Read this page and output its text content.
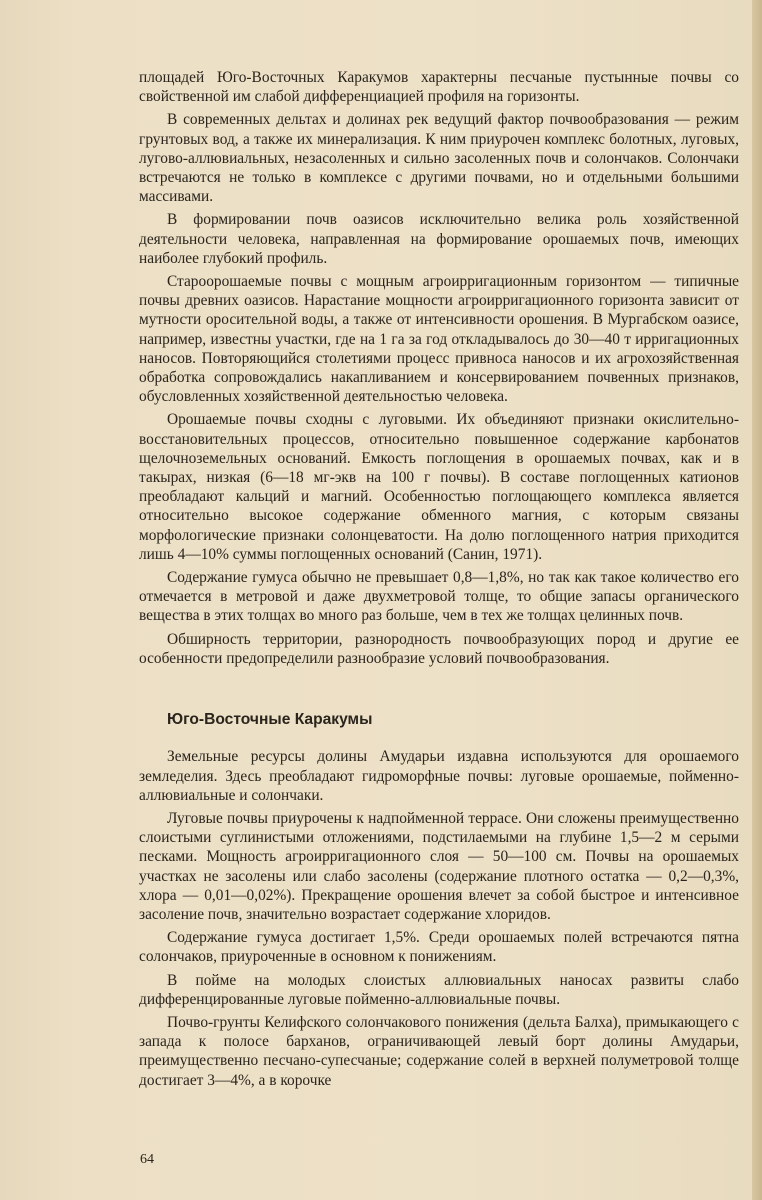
площадей Юго-Восточных Каракумов характерны песчаные пустынные почвы со свойственной им слабой дифференциацией профиля на горизонты.

В современных дельтах и долинах рек ведущий фактор почвообразования — режим грунтовых вод, а также их минерализация. К ним приурочен комплекс болотных, луговых, лугово-аллювиальных, незасоленных и сильно засоленных почв и солончаков. Солончаки встречаются не только в комплексе с другими почвами, но и отдельными большими массивами.

В формировании почв оазисов исключительно велика роль хозяйственной деятельности человека, направленная на формирование орошаемых почв, имеющих наиболее глубокий профиль.

Староорошаемые почвы с мощным агроирригационным горизонтом — типичные почвы древних оазисов. Нарастание мощности агроирригационного горизонта зависит от мутности оросительной воды, а также от интенсивности орошения. В Мургабском оазисе, например, известны участки, где на 1 га за год откладывалось до 30—40 т ирригационных наносов. Повторяющийся столетиями процесс привноса наносов и их агрохозяйственная обработка сопровождались накапливанием и консервированием почвенных признаков, обусловленных хозяйственной деятельностью человека.

Орошаемые почвы сходны с луговыми. Их объединяют признаки окислительно-восстановительных процессов, относительно повышенное содержание карбонатов щелочноземельных оснований. Емкость поглощения в орошаемых почвах, как и в такырах, низкая (6—18 мг-экв на 100 г почвы). В составе поглощенных катионов преобладают кальций и магний. Особенностью поглощающего комплекса является относительно высокое содержание обменного магния, с которым связаны морфологические признаки солонцеватости. На долю поглощенного натрия приходится лишь 4—10% суммы поглощенных оснований (Санин, 1971).

Содержание гумуса обычно не превышает 0,8—1,8%, но так как такое количество его отмечается в метровой и даже двухметровой толще, то общие запасы органического вещества в этих толщах во много раз больше, чем в тех же толщах целинных почв.

Обширность территории, разнородность почвообразующих пород и другие ее особенности предопределили разнообразие условий почвообразования.

Юго-Восточные Каракумы

Земельные ресурсы долины Амударьи издавна используются для орошаемого земледелия. Здесь преобладают гидроморфные почвы: луговые орошаемые, пойменно-аллювиальные и солончаки.

Луговые почвы приурочены к надпойменной террасе. Они сложены преимущественно слоистыми суглинистыми отложениями, подстилаемыми на глубине 1,5—2 м серыми песками. Мощность агроирригационного слоя — 50—100 см. Почвы на орошаемых участках не засолены или слабо засолены (содержание плотного остатка — 0,2—0,3%, хлора — 0,01—0,02%). Прекращение орошения влечет за собой быстрое и интенсивное засоление почв, значительно возрастает содержание хлоридов.

Содержание гумуса достигает 1,5%. Среди орошаемых полей встречаются пятна солончаков, приуроченные в основном к понижениям.

В пойме на молодых слоистых аллювиальных наносах развиты слабо дифференцированные луговые пойменно-аллювиальные почвы.

Почво-грунты Келифского солончакового понижения (дельта Балха), примыкающего с запада к полосе барханов, ограничивающей левый борт долины Амударьи, преимущественно песчано-супесчаные; содержание солей в верхней полуметровой толще достигает 3—4%, а в корочке

64
